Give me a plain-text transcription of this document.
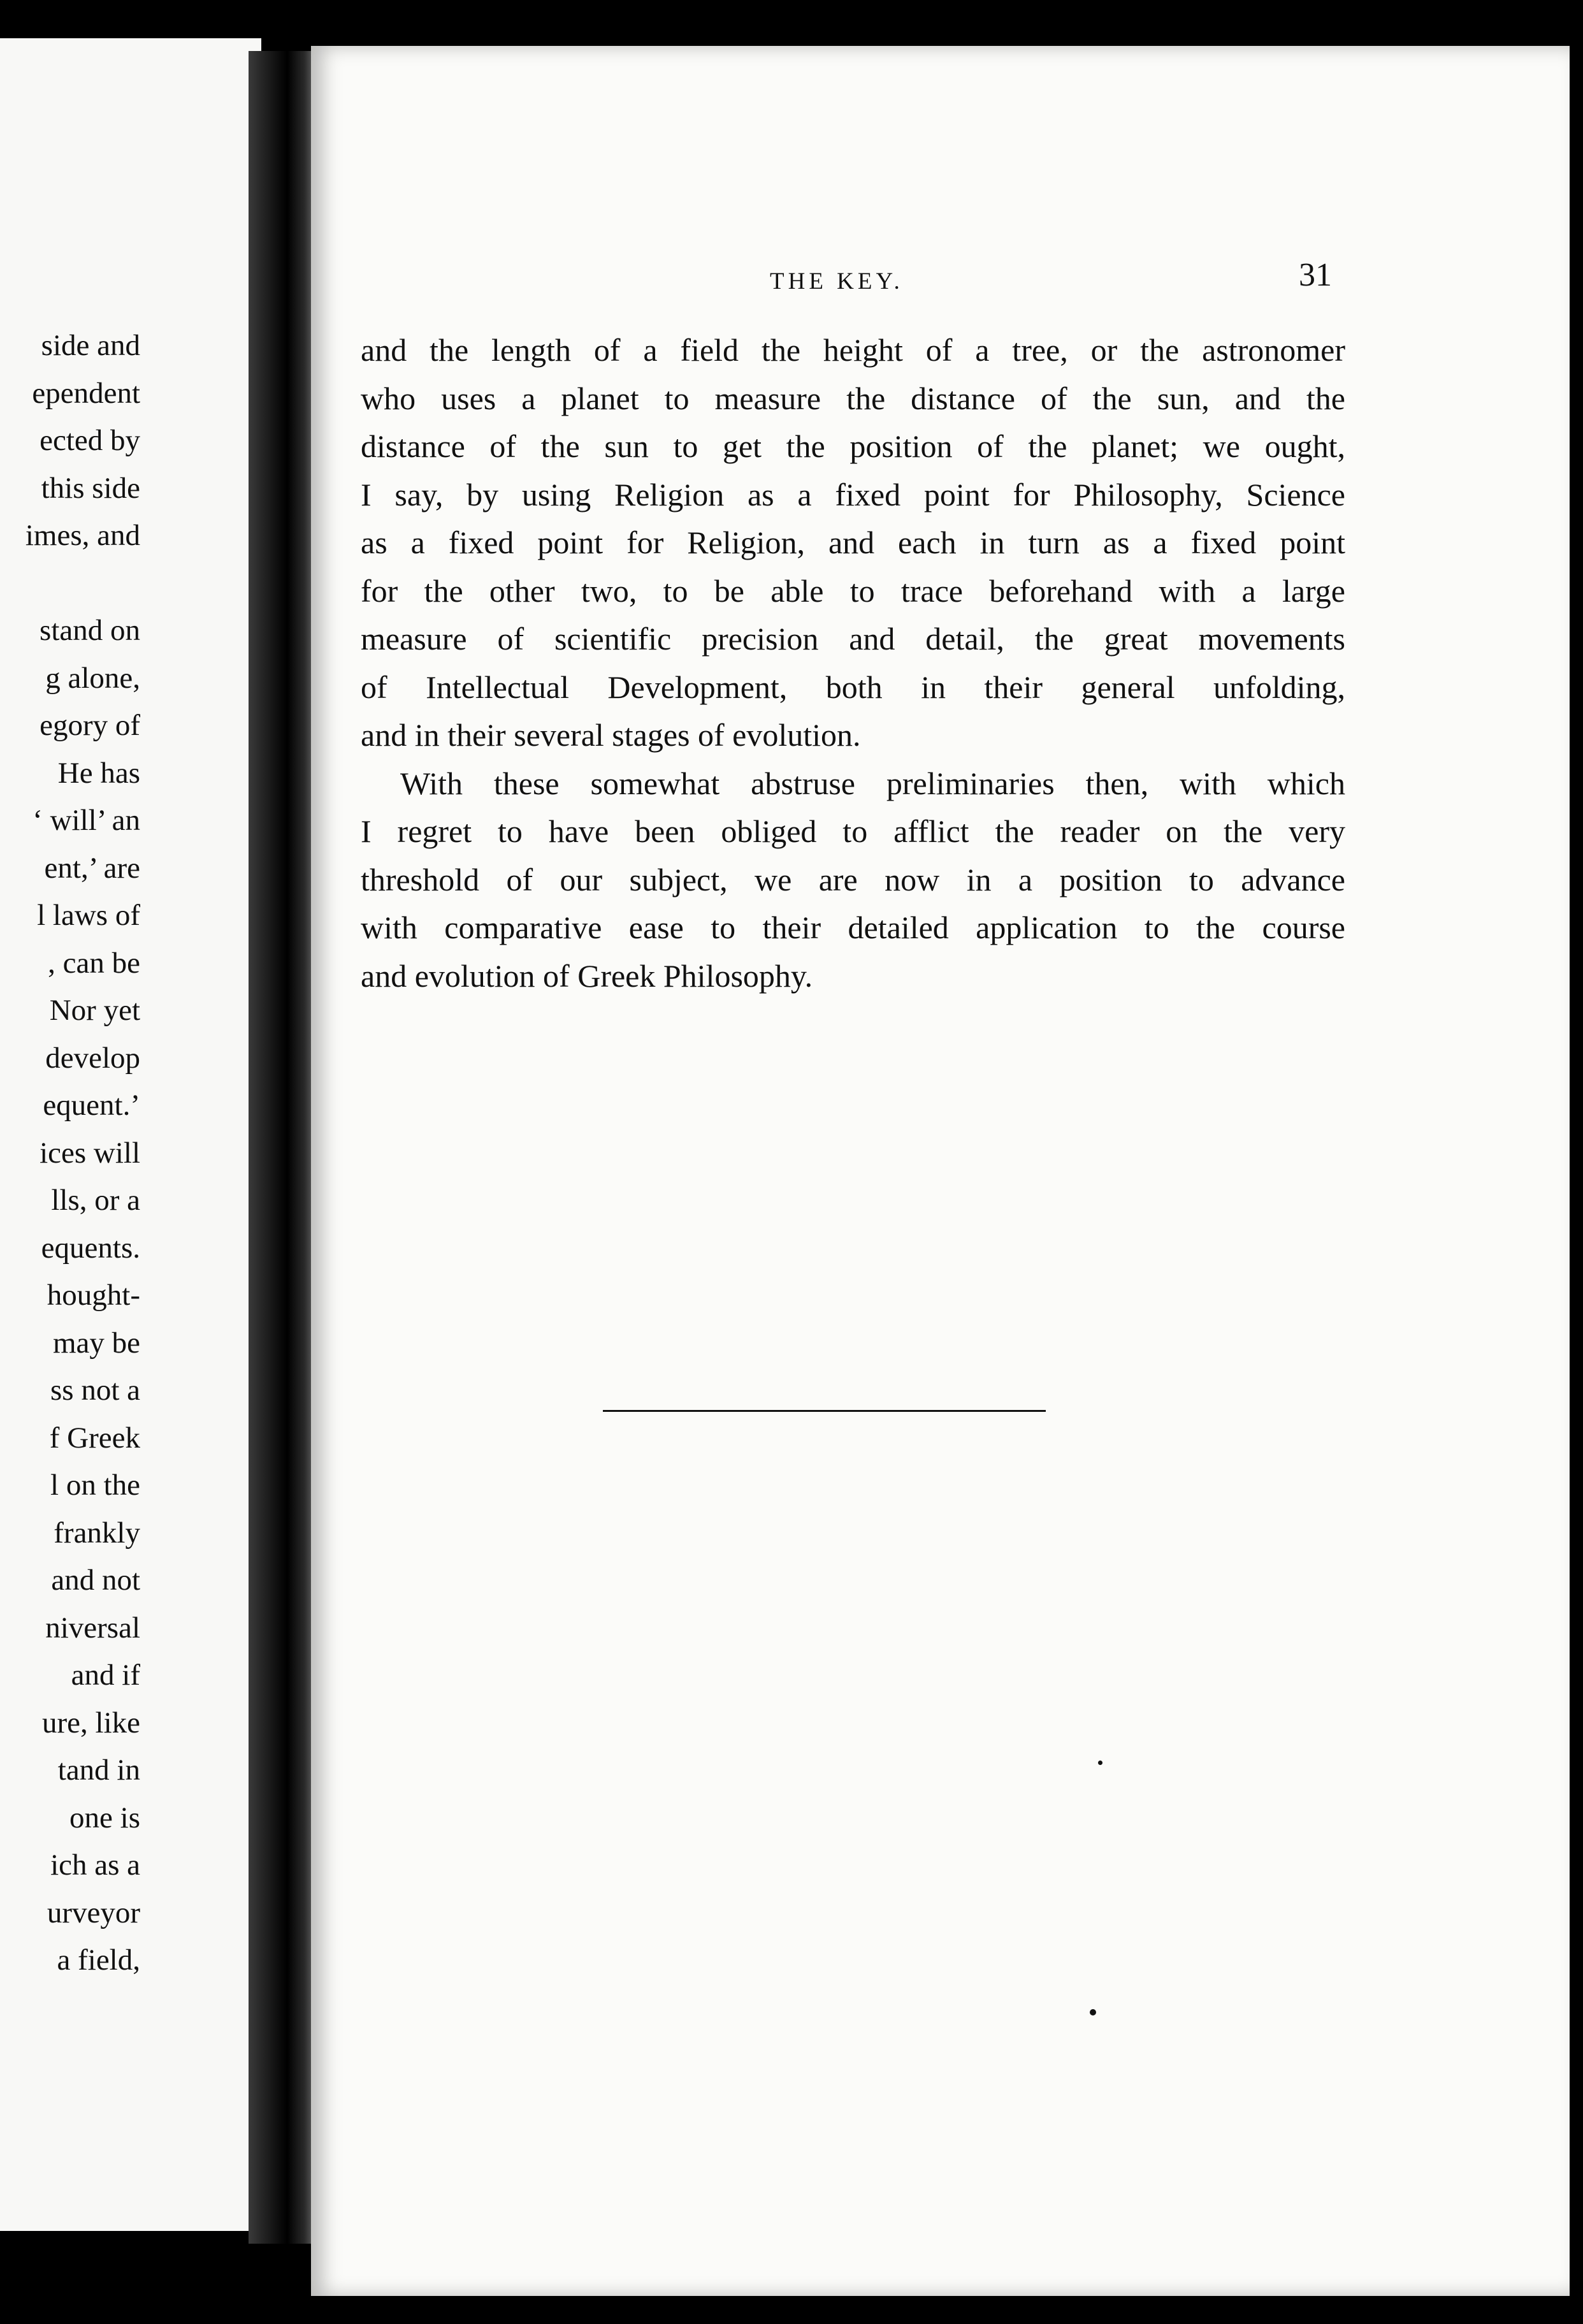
side and
ependent
ected by
this side
imes, and
stand on
g alone,
egory of
He has
‘ will’ an
ent,’ are
l laws of
, can be
Nor yet
develop
equent.’
ices will
lls, or a
equents.
hought-
may be
ss not a
f Greek
l on the
frankly
and not
niversal
and if
ure, like
tand in
one is
ich as a
urveyor
a field,
THE KEY.	31
and the length of a field the height of a tree, or the astronomer
who uses a planet to measure the distance of the sun, and the
distance of the sun to get the position of the planet; we ought,
I say, by using Religion as a fixed point for Philosophy, Science
as a fixed point for Religion, and each in turn as a fixed point
for the other two, to be able to trace beforehand with a large
measure of scientific precision and detail, the great movements
of Intellectual Development, both in their general unfolding,
and in their several stages of evolution.
With these somewhat abstruse preliminaries then, with which
I regret to have been obliged to afflict the reader on the very
threshold of our subject, we are now in a position to advance
with comparative ease to their detailed application to the course
and evolution of Greek Philosophy.
